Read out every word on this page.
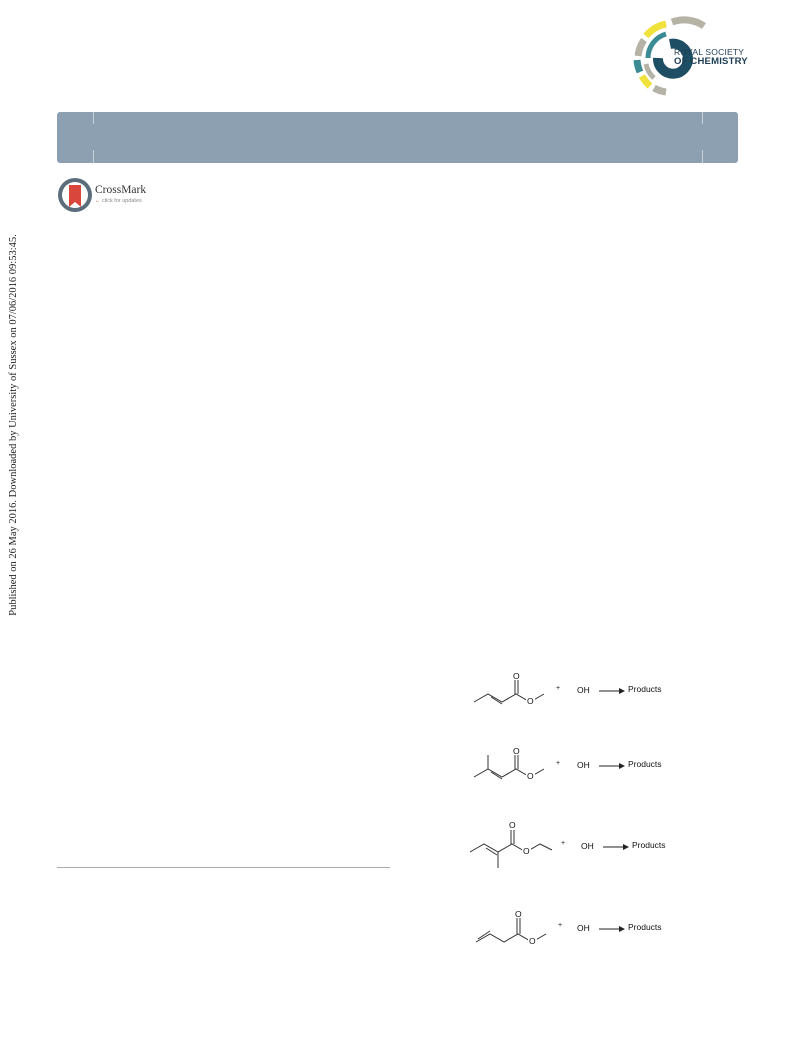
ROYAL SOCIETY
OF CHEMISTRY
CrossMark
← click for updates
Published on 26 May 2016. Downloaded by University of Sussex on 07/06/2016 09:53:45.
O
O
+ OH → Products
O
O
+ OH → Products
O
O
+ OH → Products
O
O
+ OH → Products
